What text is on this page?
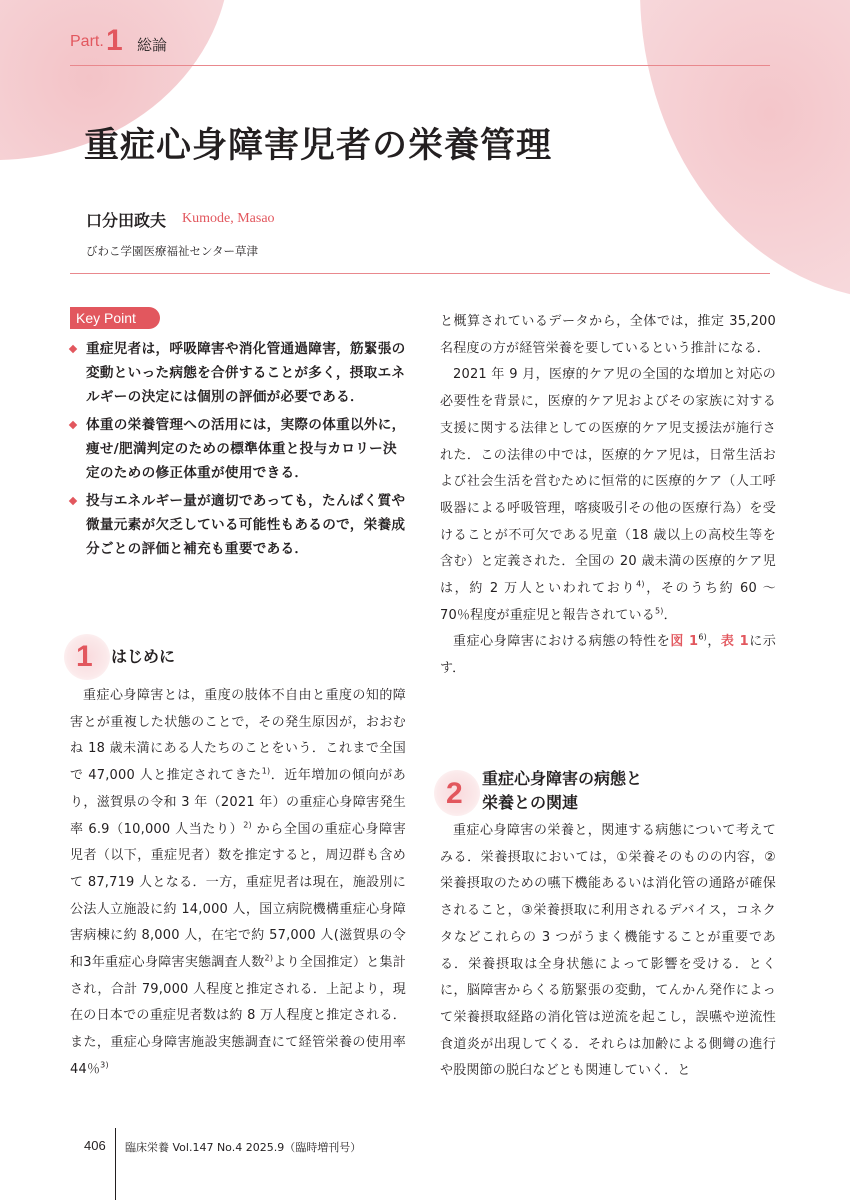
Part. 1 総論
重症心身障害児者の栄養管理
口分田政夫 Kumode, Masao
びわこ学園医療福祉センター草津
Key Point
重症児者は，呼吸障害や消化管通過障害，筋緊張の変動といった病態を合併することが多く，摂取エネルギーの決定には個別の評価が必要である．
体重の栄養管理への活用には，実際の体重以外に，痩せ/肥満判定のための標準体重と投与カロリー決定のための修正体重が使用できる．
投与エネルギー量が適切であっても，たんぱく質や微量元素が欠乏している可能性もあるので，栄養成分ごとの評価と補充も重要である．
1 はじめに

重症心身障害とは，重度の肢体不自由と重度の知的障害とが重複した状態のことで，その発生原因が，おおむね 18 歳未満にある人たちのことをいう．これまで全国で 47,000 人と推定されてきた$^{1)}$．近年増加の傾向があり，滋賀県の令和 3 年（2021 年）の重症心身障害発生率 6.9（10,000 人当たり）$^{2)}$ から全国の重症心身障害児者（以下，重症児者）数を推定すると，周辺群も含めて 87,719 人となる．一方，重症児者は現在，施設別に公法人立施設に約 14,000 人，国立病院機構重症心身障害病棟に約 8,000 人，在宅で約 57,000 人(滋賀県の令和3年重症心身障害実態調査人数$^{2)}$より全国推定）と集計され，合計 79,000 人程度と推定される．上記より，現在の日本での重症児者数は約 8 万人程度と推定される．また，重症心身障害施設実態調査にて経管栄養の使用率 44％$^{3)}$

と概算されているデータから，全体では，推定 35,200 名程度の方が経管栄養を要しているという推計になる．

2021 年 9 月，医療的ケア児の全国的な増加と対応の必要性を背景に，医療的ケア児およびその家族に対する支援に関する法律としての医療的ケア児支援法が施行された．この法律の中では，医療的ケア児は，日常生活および社会生活を営むために恒常的に医療的ケア（人工呼吸器による呼吸管理，喀痰吸引その他の医療行為）を受けることが不可欠である児童（18 歳以上の高校生等を含む）と定義された．全国の 20 歳未満の医療的ケア児は，約 2 万人といわれており$^{4)}$，そのうち約 60 ～ 70％程度が重症児と報告されている$^{5)}$．

重症心身障害における病態の特性を図 1$^{6)}$，表 1に示す．

2 重症心身障害の病態と
栄養との関連

重症心身障害の栄養と，関連する病態について考えてみる．栄養摂取においては，①栄養そのものの内容，②栄養摂取のための嚥下機能あるいは消化管の通路が確保されること，③栄養摂取に利用されるデバイス，コネクタなどこれらの 3 つがうまく機能することが重要である．栄養摂取は全身状態によって影響を受ける．とくに，脳障害からくる筋緊張の変動，てんかん発作によって栄養摂取経路の消化管は逆流を起こし，誤嚥や逆流性食道炎が出現してくる．それらは加齢による側彎の進行や股関節の脱臼などとも関連していく．と

406 臨床栄養 Vol.147 No.4 2025.9（臨時増刊号）
